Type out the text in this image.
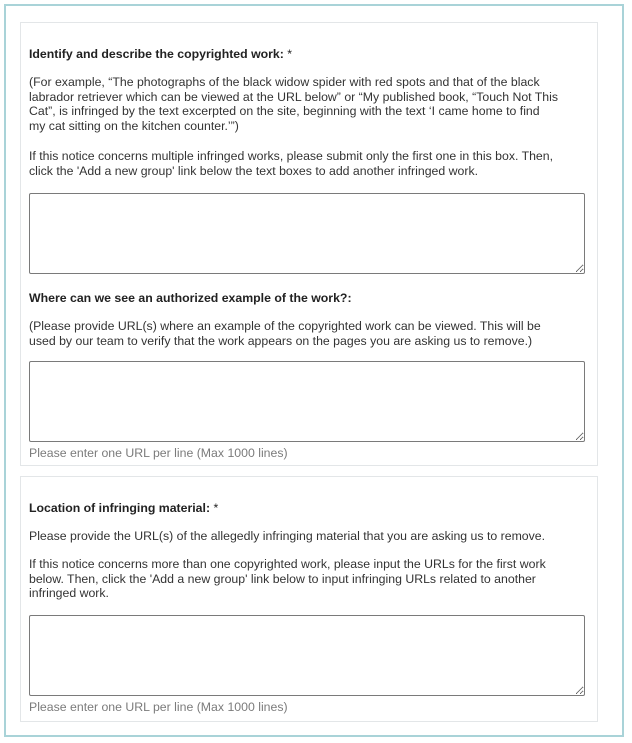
Identify and describe the copyrighted work: *
(For example, “The photographs of the black widow spider with red spots and that of the black
labrador retriever which can be viewed at the URL below” or “My published book, “Touch Not This
Cat”, is infringed by the text excerpted on the site, beginning with the text ‘I came home to find
my cat sitting on the kitchen counter.’”)
If this notice concerns multiple infringed works, please submit only the first one in this box. Then,
click the 'Add a new group' link below the text boxes to add another infringed work.
Where can we see an authorized example of the work?:
(Please provide URL(s) where an example of the copyrighted work can be viewed. This will be
used by our team to verify that the work appears on the pages you are asking us to remove.)
Please enter one URL per line (Max 1000 lines)
Location of infringing material: *
Please provide the URL(s) of the allegedly infringing material that you are asking us to remove.
If this notice concerns more than one copyrighted work, please input the URLs for the first work
below. Then, click the 'Add a new group' link below to input infringing URLs related to another
infringed work.
Please enter one URL per line (Max 1000 lines)
